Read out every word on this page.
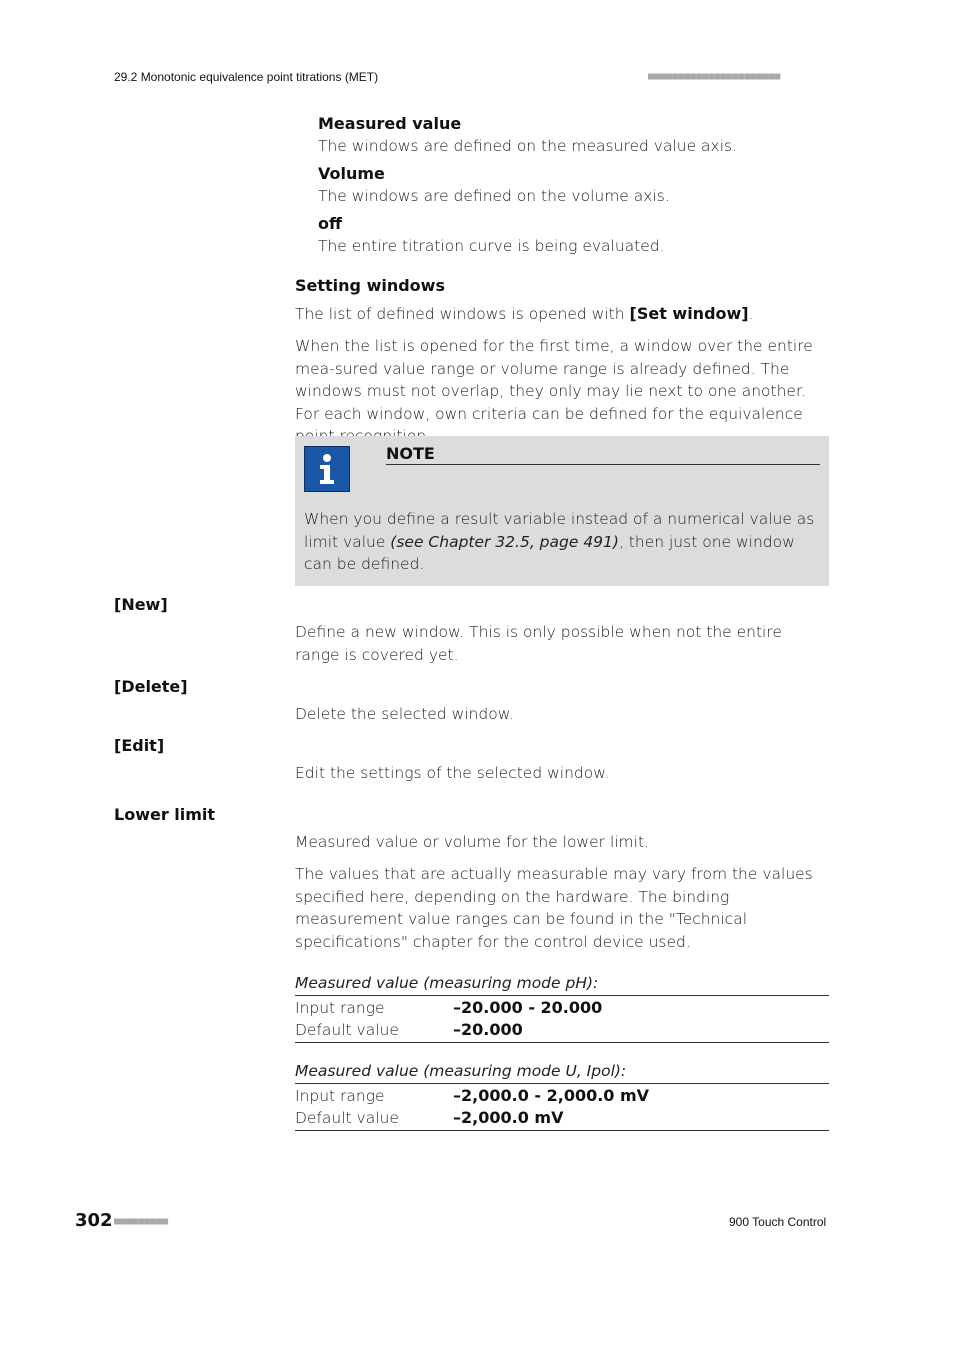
29.2 Monotonic equivalence point titrations (MET)	■■■■■■■■■■■■■■■■■■■■■■
Measured value
The windows are defined on the measured value axis.
Volume
The windows are defined on the volume axis.
off
The entire titration curve is being evaluated.
Setting windows
The list of defined windows is opened with [Set window].

When the list is opened for the first time, a window over the entire mea-sured value range or volume range is already defined. The windows must not overlap, they only may lie next to one another. For each window, own criteria can be defined for the equivalence

NOTE
When you define a result variable instead of a numerical value as limit value (see Chapter 32.5, page 491), then just one window can be defined.
[New]

Define a new window. This is only possible when not the entire range is covered yet.

[Delete]

Delete the selected window.

[Edit]

Edit the settings of the selected window.

Lower limit

Measured value or volume for the lower limit.

The values that are actually measurable may vary from the values specified here, depending on the hardware. The binding measurement value ranges can be found in the "Technical specifications" chapter for the control device used.

Measured value (measuring mode pH):
Input range	–20.000 - 20.000
Default value	–20.000
Measured value (measuring mode U, Ipol):
Input range	–2,000.0 - 2,000.0 mV
Default value	–2,000.0 mV
302 ■■■■■■■■■	900 Touch Control
